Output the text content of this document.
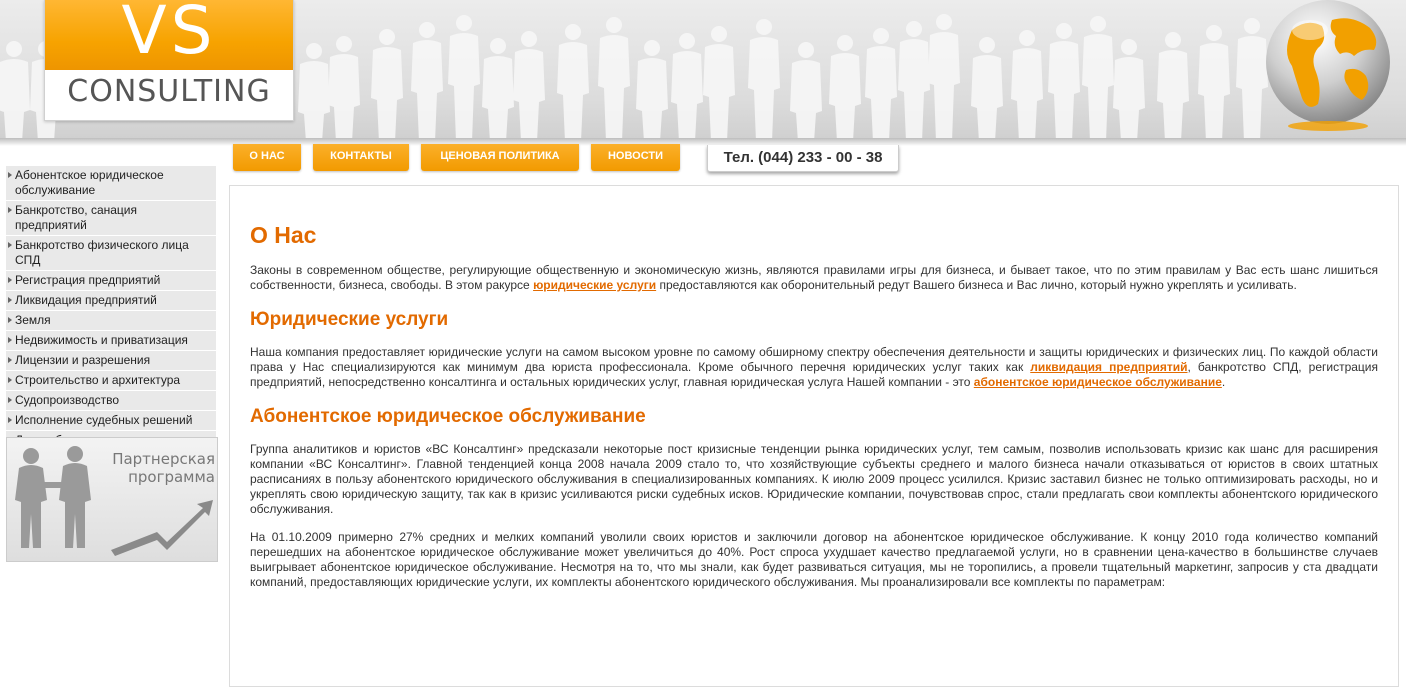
VS
CONSULTING
О НАС	КОНТАКТЫ	ЦЕНОВАЯ ПОЛИТИКА	НОВОСТИ	Тел. (044) 233 - 00 - 38
Абонентское юридическое обслуживание
Банкротство, санация предприятий
Банкротство физического лица СПД
Регистрация предприятий
Ликвидация предприятий
Земля
Недвижимость и приватизация
Лицензии и разрешения
Строительство и архитектура
Судопроизводство
Исполнение судебных решений
Партнерская
программа
О Нас

Законы в современном обществе, регулирующие общественную и экономическую жизнь, являются правилами игры для бизнеса, и бывает такое, что по этим правилам у Вас есть шанс лишиться собственности, бизнеса, свободы. В этом ракурсе юридические услуги предоставляются как оборонительный редут Вашего бизнеса и Вас лично, который нужно укреплять и усиливать.

Юридические услуги

Наша компания предоставляет юридические услуги на самом высоком уровне по самому обширному спектру обеспечения деятельности и защиты юридических и физических лиц. По каждой области права у Нас специализируются как минимум два юриста профессионала. Кроме обычного перечня юридических услуг таких как ликвидация предприятий, банкротство СПД, регистрация предприятий, непосредственно консалтинга и остальных юридических услуг, главная юридическая услуга Нашей компании - это абонентское юридическое обслуживание.

Абонентское юридическое обслуживание

Группа аналитиков и юристов «ВС Консалтинг» предсказали некоторые пост кризисные тенденции рынка юридических услуг, тем самым, позволив использовать кризис как шанс для расширения компании «ВС Консалтинг». Главной тенденцией конца 2008 начала 2009 стало то, что хозяйствующие субъекты среднего и малого бизнеса начали отказываться от юристов в своих штатных расписаниях в пользу абонентского юридического обслуживания в специализированных компаниях. К июлю 2009 процесс усилился. Кризис заставил бизнес не только оптимизировать расходы, но и укреплять свою юридическую защиту, так как в кризис усиливаются риски судебных исков. Юридические компании, почувствовав спрос, стали предлагать свои комплекты абонентского юридического обслуживания.

На 01.10.2009 примерно 27% средних и мелких компаний уволили своих юристов и заключили договор на абонентское юридическое обслуживание. К концу 2010 года количество компаний перешедших на абонентское юридическое обслуживание может увеличиться до 40%. Рост спроса ухудшает качество предлагаемой услуги, но в сравнении цена-качество в большинстве случаев выигрывает абонентское юридическое обслуживание. Несмотря на то, что мы знали, как будет развиваться ситуация, мы не торопились, а провели тщательный маркетинг, запросив у ста двадцати компаний, предоставляющих юридические услуги, их комплекты абонентского юридического обслуживания. Мы проанализировали все комплекты по параметрам:
